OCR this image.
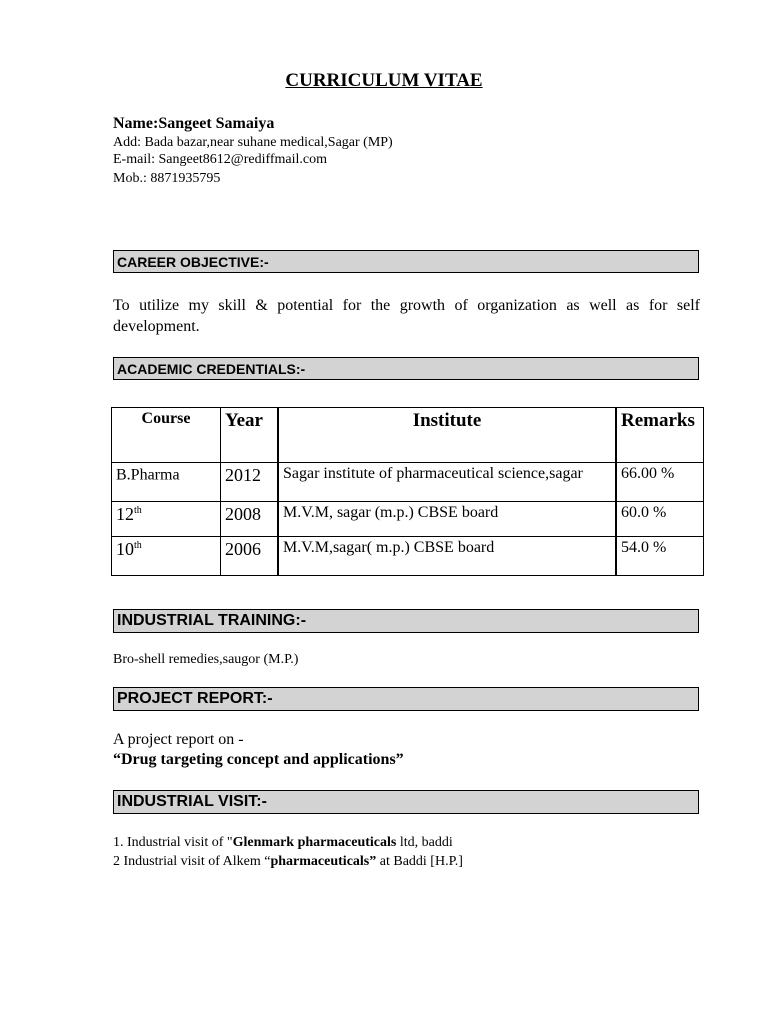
CURRICULUM VITAE
Name:Sangeet Samaiya
Add: Bada bazar,near suhane medical,Sagar (MP)
E-mail: Sangeet8612@rediffmail.com
Mob.: 8871935795
CAREER OBJECTIVE:-
To utilize my skill & potential for the growth of organization as well as for self development.
ACADEMIC CREDENTIALS:-
Course	Year	Institute	Remarks
B.Pharma	2012	Sagar institute of pharmaceutical science,sagar	66.00 %
12th	2008	M.V.M, sagar (m.p.) CBSE board	60.0 %
10th	2006	M.V.M,sagar( m.p.) CBSE board	54.0 %
INDUSTRIAL TRAINING:-
Bro-shell remedies,saugor (M.P.)
PROJECT REPORT:-
A project report on -
“Drug targeting concept and applications”
INDUSTRIAL VISIT:-
1. Industrial visit of "Glenmark pharmaceuticals ltd, baddi
2 Industrial visit of Alkem “pharmaceuticals” at Baddi [H.P.]
